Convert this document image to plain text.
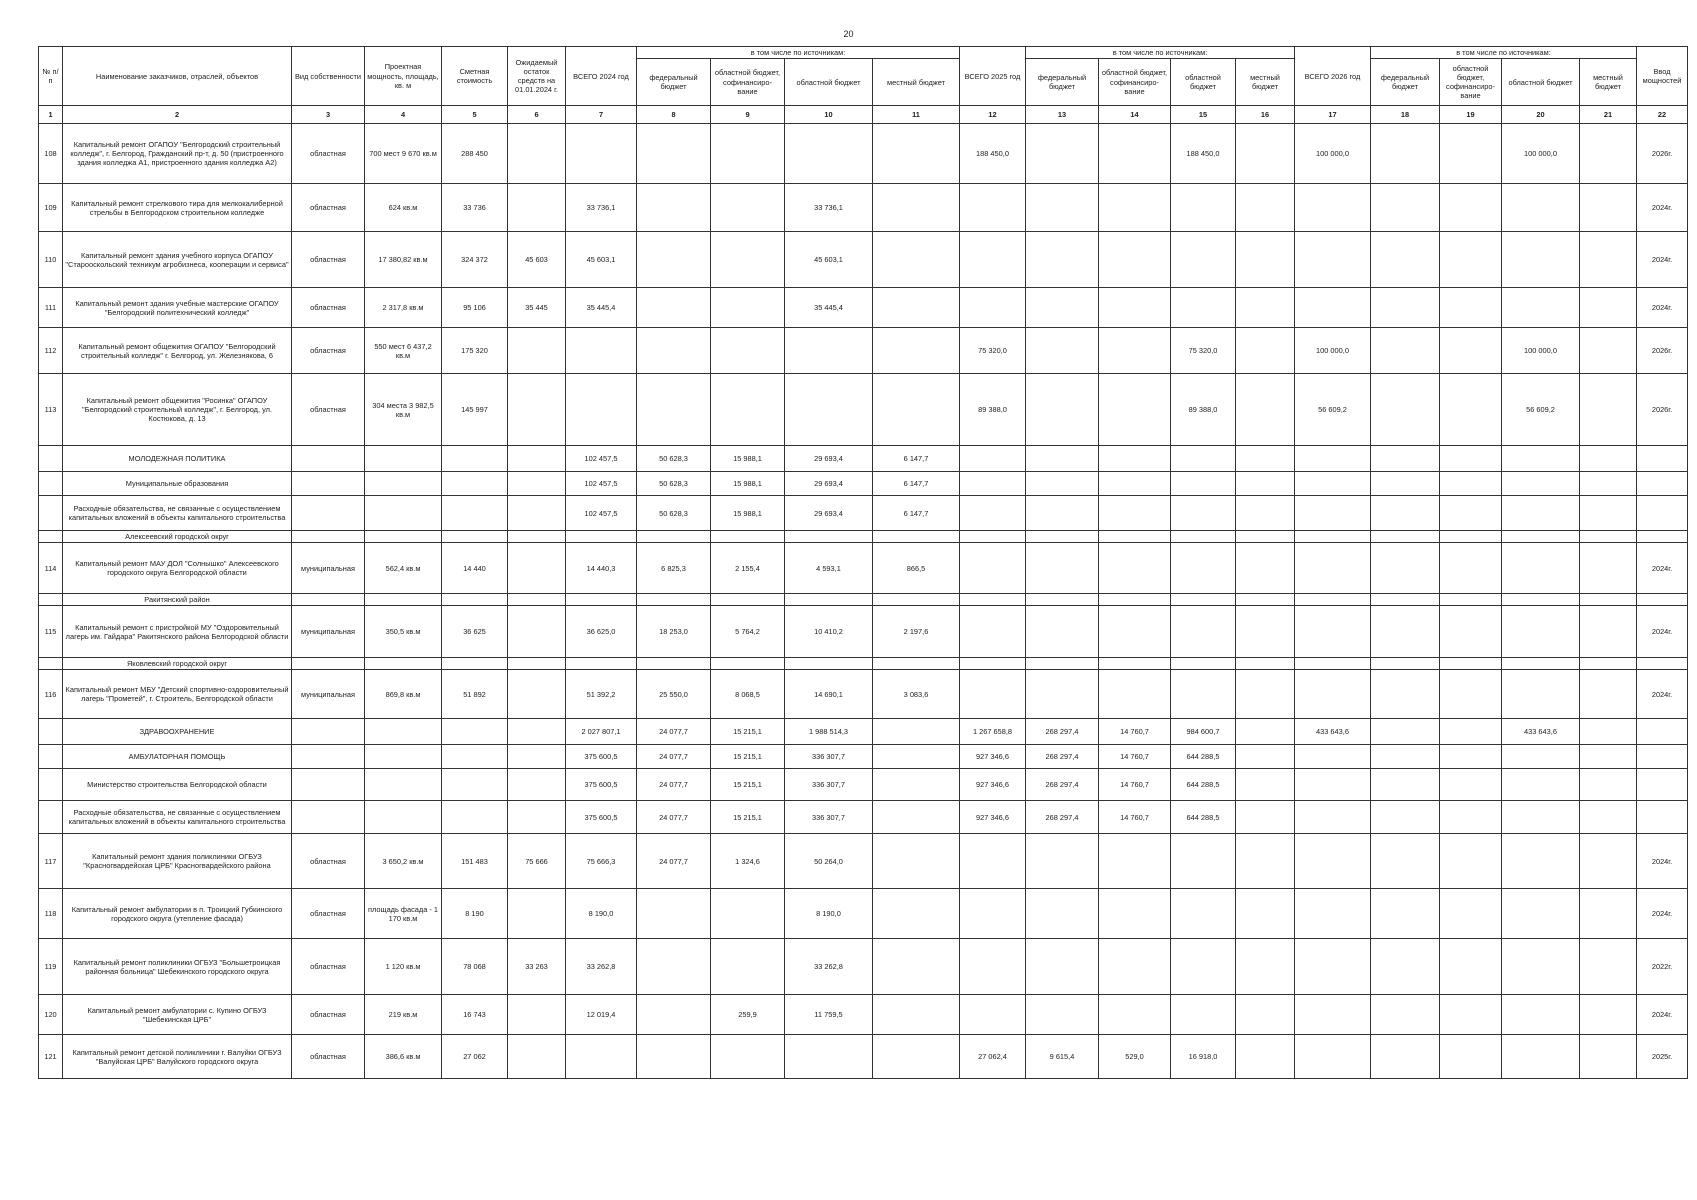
20
№ п/п	Наименование заказчиков, отраслей, объектов	Вид собственности	Проектная мощность, площадь, кв. м	Сметная стоимость	Ожидаемый остаток средств на 01.01.2024 г.	ВСЕГО 2024 год	в том числе по источникам:				ВСЕГО 2025 год	в том числе по источникам:				ВСЕГО 2026 год	в том числе по источникам:				Ввод мощностей
							федеральный бюджет	областной бюджет, софинансиро-вание	областной бюджет	местный бюджет		федеральный бюджет	областной бюджет, софинансиро-вание	областной бюджет	местный бюджет		федеральный бюджет	областной бюджет, софинансиро-вание	областной бюджет	местный бюджет	
1	2	3	4	5	6	7	8	9	10	11	12	13	14	15	16	17	18	19	20	21	22
108	Капитальный ремонт ОГАПОУ "Белгородский строительный колледж", г. Белгород, Гражданский пр-т, д. 50 (пристроенного здания колледжа А1, пристроенного здания колледжа А2)	областная	700 мест 9 670 кв.м	288 450							188 450,0			188 450,0		100 000,0			100 000,0		2026г.
109	Капитальный ремонт стрелкового тира для мелкокалиберной стрельбы в Белгородском строительном колледже	областная	624 кв.м	33 736		33 736,1			33 736,1												2024г.
110	Капитальный ремонт здания учебного корпуса ОГАПОУ "Старооскольский техникум агробизнеса, кооперации и сервиса"	областная	17 380,82 кв.м	324 372	45 603	45 603,1			45 603,1												2024г.
111	Капитальный ремонт здания учебные мастерские ОГАПОУ "Белгородский политехнический колледж"	областная	2 317,8 кв.м	95 106	35 445	35 445,4			35 445,4												2024г.
112	Капитальный ремонт общежития ОГАПОУ "Белгородский строительный колледж" г. Белгород, ул. Железнякова, 6	областная	550 мест 6 437,2 кв.м	175 320							75 320,0			75 320,0		100 000,0			100 000,0		2026г.
113	Капитальный ремонт общежития "Росинка" ОГАПОУ "Белгородский строительный колледж", г. Белгород, ул. Костюкова, д. 13	областная	304 места 3 982,5 кв.м	145 997							89 388,0			89 388,0		56 609,2			56 609,2		2026г.
	МОЛОДЕЖНАЯ ПОЛИТИКА					102 457,5	50 628,3	15 988,1	29 693,4	6 147,7											
	Муниципальные образования					102 457,5	50 628,3	15 988,1	29 693,4	6 147,7											
	Расходные обязательства, не связанные с осуществлением капитальных вложений в объекты капитального строительства					102 457,5	50 628,3	15 988,1	29 693,4	6 147,7											
	Алексеевский городской округ																				
114	Капитальный ремонт МАУ ДОЛ "Солнышко" Алексеевского городского округа Белгородской области	муниципальная	562,4 кв.м	14 440		14 440,3	6 825,3	2 155,4	4 593,1	866,5											2024г.
	Ракитянский район																				
115	Капитальный ремонт с пристройкой МУ "Оздоровительный лагерь им. Гайдара" Ракитянского района Белгородской области	муниципальная	350,5 кв.м	36 625		36 625,0	18 253,0	5 764,2	10 410,2	2 197,6											2024г.
	Яковлевский городской округ																				
116	Капитальный ремонт МБУ "Детский спортивно-оздоровительный лагерь "Прометей", г. Строитель, Белгородской области	муниципальная	869,8 кв.м	51 892		51 392,2	25 550,0	8 068,5	14 690,1	3 083,6											2024г.
	ЗДРАВООХРАНЕНИЕ					2 027 807,1	24 077,7	15 215,1	1 988 514,3		1 267 658,8	268 297,4	14 760,7	984 600,7		433 643,6			433 643,6		
	АМБУЛАТОРНАЯ ПОМОЩЬ					375 600,5	24 077,7	15 215,1	336 307,7		927 346,6	268 297,4	14 760,7	644 288,5							
	Министерство строительства Белгородской области					375 600,5	24 077,7	15 215,1	336 307,7		927 346,6	268 297,4	14 760,7	644 288,5							
	Расходные обязательства, не связанные с осуществлением капитальных вложений в объекты капитального строительства					375 600,5	24 077,7	15 215,1	336 307,7		927 346,6	268 297,4	14 760,7	644 288,5							
117	Капитальный ремонт здания поликлиники ОГБУЗ "Красногвардейская ЦРБ" Красногвардейского района	областная	3 650,2 кв.м	151 483	75 666	75 666,3	24 077,7	1 324,6	50 264,0												2024г.
118	Капитальный ремонт амбулатории в п. Троицкий Губкинского городского округа (утепление фасада)	областная	площадь фасада - 1 170 кв.м	8 190		8 190,0			8 190,0												2024г.
119	Капитальный ремонт поликлиники ОГБУЗ "Большетроицкая районная больница" Шебекинского городского округа	областная	1 120 кв.м	78 068	33 263	33 262,8			33 262,8												2022г.
120	Капитальный ремонт амбулатории с. Купино ОГБУЗ "Шебекинская ЦРБ"	областная	219 кв.м	16 743		12 019,4		259,9	11 759,5												2024г.
121	Капитальный ремонт детской поликлиники г. Валуйки ОГБУЗ "Валуйская ЦРБ" Валуйского городского округа	областная	386,6 кв.м	27 062							27 062,4	9 615,4	529,0	16 918,0							2025г.
